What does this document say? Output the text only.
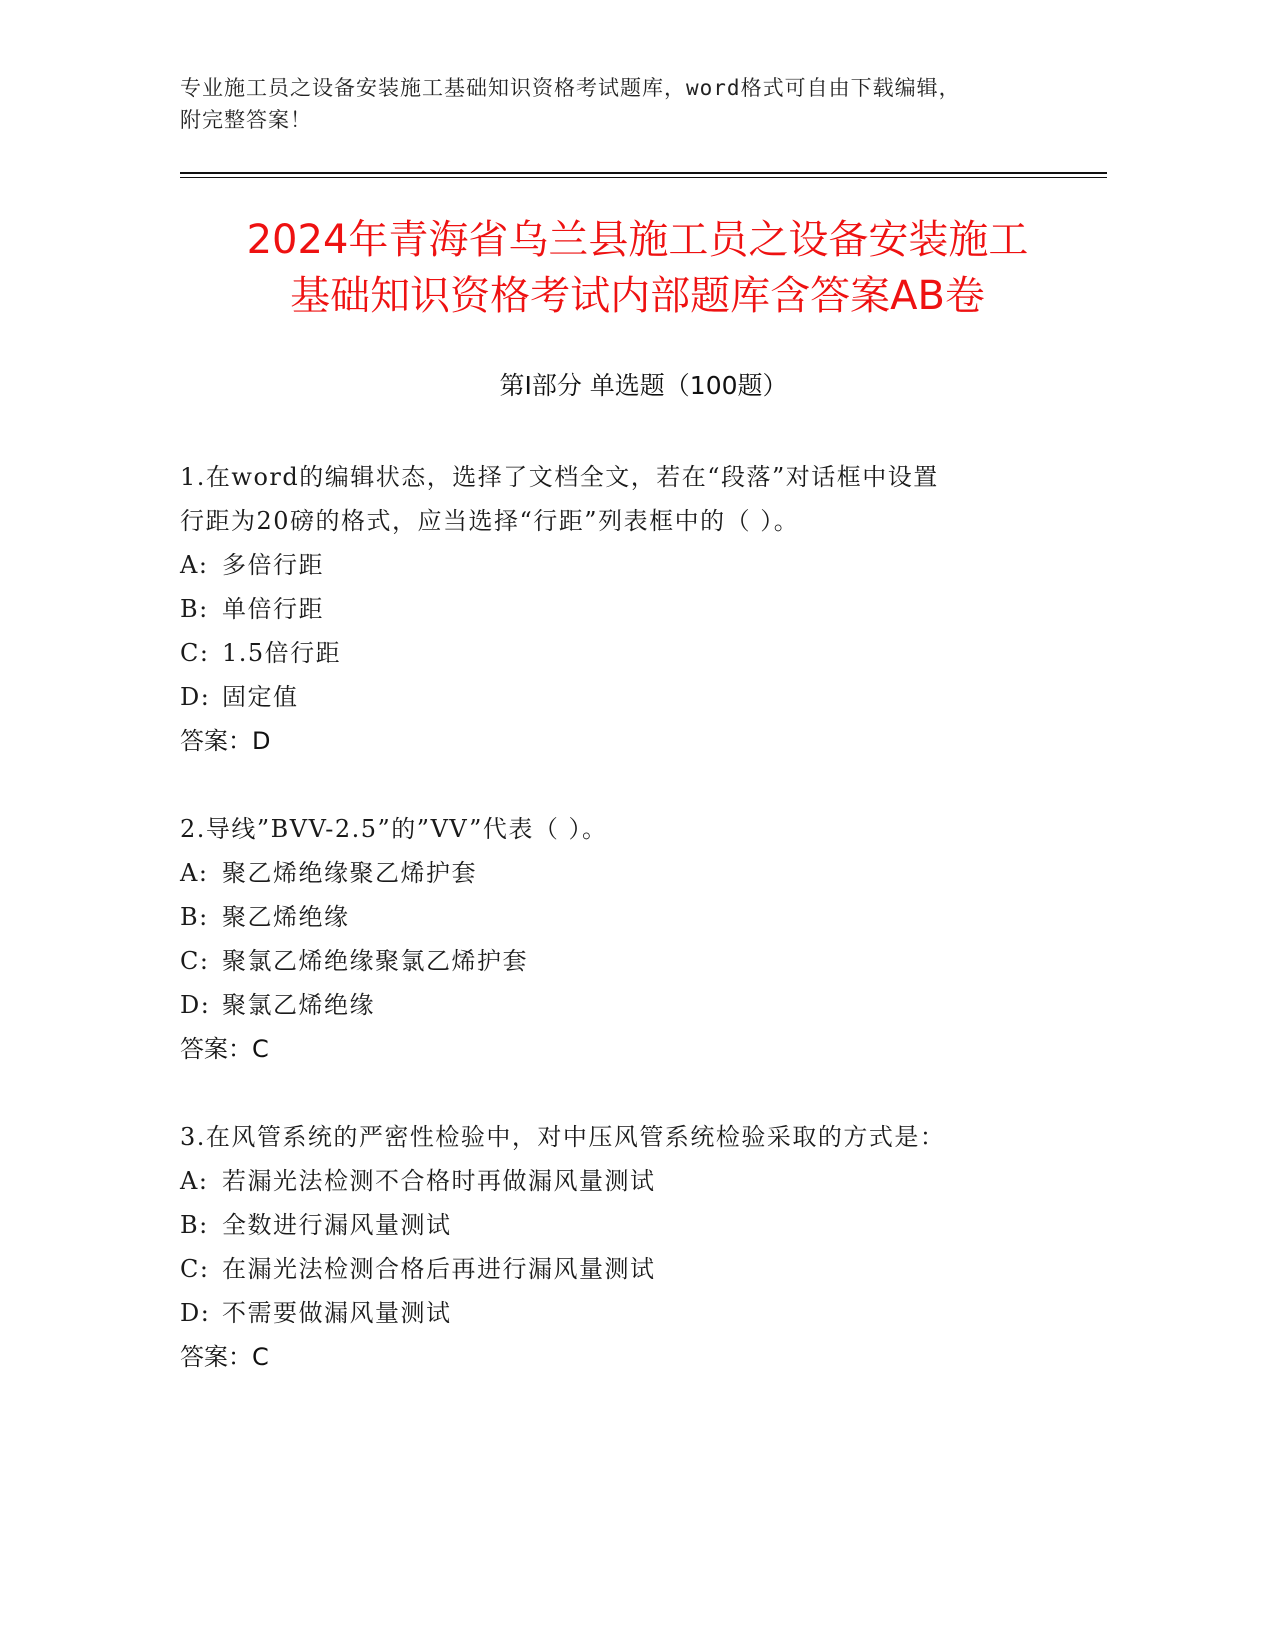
专业施工员之设备安装施工基础知识资格考试题库，word格式可自由下载编辑，
附完整答案！
2024年青海省乌兰县施工员之设备安装施工
基础知识资格考试内部题库含答案AB卷
第Ⅰ部分 单选题（100题）
1.在word的编辑状态，选择了文档全文，若在“段落”对话框中设置
行距为20磅的格式，应当选择“行距”列表框中的（ ）。
A: 多倍行距
B: 单倍行距
C: 1.5倍行距
D: 固定值
答案：D
2.导线”BVV-2.5”的”VV”代表（ ）。
A: 聚乙烯绝缘聚乙烯护套
B: 聚乙烯绝缘
C: 聚氯乙烯绝缘聚氯乙烯护套
D: 聚氯乙烯绝缘
答案：C
3.在风管系统的严密性检验中，对中压风管系统检验采取的方式是：
A: 若漏光法检测不合格时再做漏风量测试
B: 全数进行漏风量测试
C: 在漏光法检测合格后再进行漏风量测试
D: 不需要做漏风量测试
答案：C
